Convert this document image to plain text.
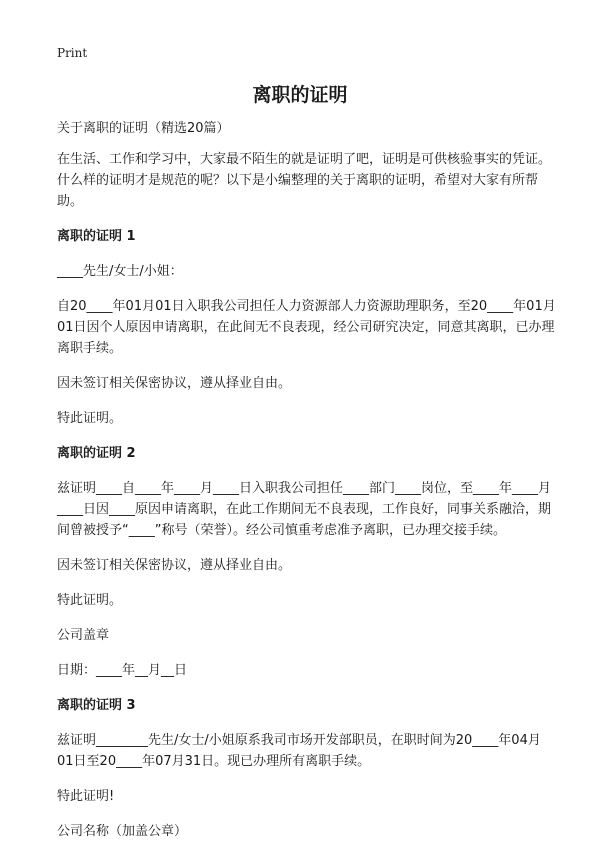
Print
离职的证明

关于离职的证明（精选20篇）

在生活、工作和学习中，大家最不陌生的就是证明了吧，证明是可供核验事实的凭证。什么样的证明才是规范的呢？以下是小编整理的关于离职的证明，希望对大家有所帮助。

离职的证明 1

____先生/女士/小姐：

自20____年01月01日入职我公司担任人力资源部人力资源助理职务，至20____年01月01日因个人原因申请离职，在此间无不良表现，经公司研究决定，同意其离职，已办理离职手续。

因未签订相关保密协议，遵从择业自由。

特此证明。

离职的证明 2

兹证明____自____年____月____日入职我公司担任____部门____岗位，至____年____月____日因____原因申请离职，在此工作期间无不良表现，工作良好，同事关系融洽，期间曾被授予“____”称号（荣誉）。经公司慎重考虑准予离职，已办理交接手续。

因未签订相关保密协议，遵从择业自由。

特此证明。

公司盖章

日期：____年__月__日

离职的证明 3

兹证明________先生/女士/小姐原系我司市场开发部职员，在职时间为20____年04月01日至20____年07月31日。现已办理所有离职手续。

特此证明!

公司名称（加盖公章）
